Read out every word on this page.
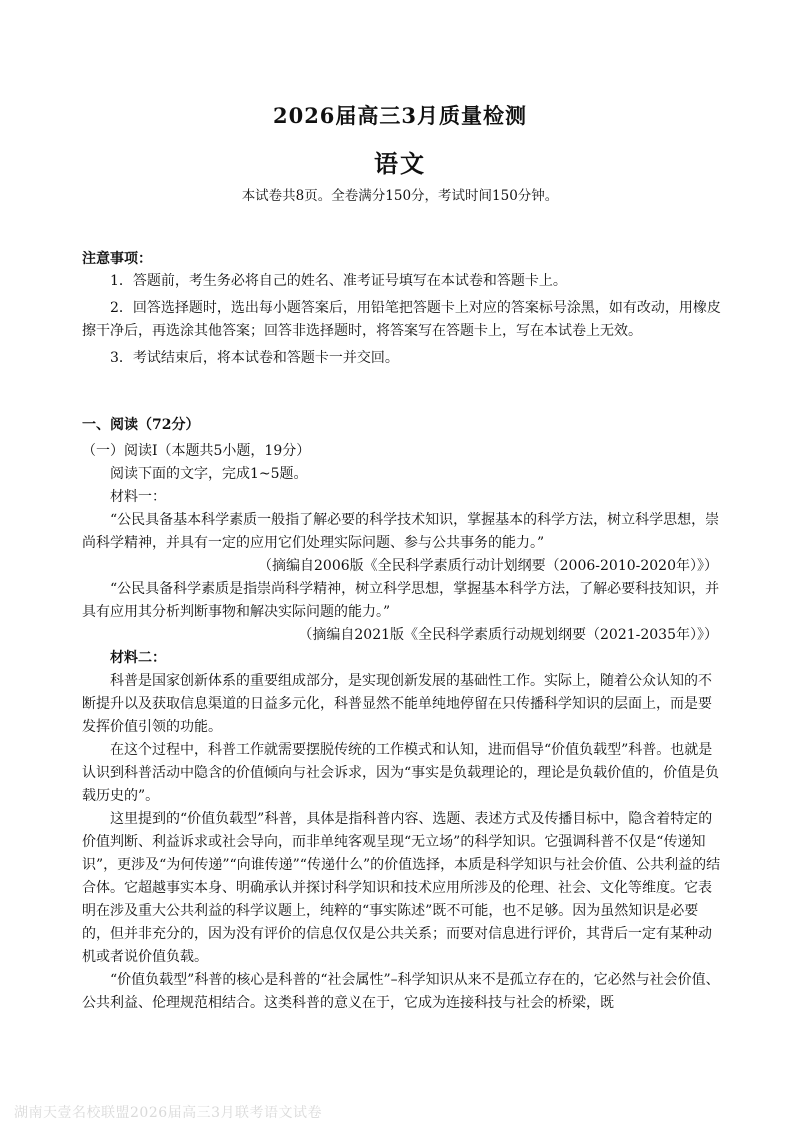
2026届高三3月质量检测
语文
本试卷共8页。全卷满分150分，考试时间150分钟。
注意事项：

1．答题前，考生务必将自己的姓名、准考证号填写在本试卷和答题卡上。

2．回答选择题时，选出每小题答案后，用铅笔把答题卡上对应的答案标号涂黑，如有改动，用橡皮擦干净后，再选涂其他答案；回答非选择题时，将答案写在答题卡上，写在本试卷上无效。

3．考试结束后，将本试卷和答题卡一并交回。

一、阅读（72分）

（一）阅读Ⅰ（本题共5小题，19分）

阅读下面的文字，完成1~5题。

材料一：

“公民具备基本科学素质一般指了解必要的科学技术知识，掌握基本的科学方法，树立科学思想，崇尚科学精神，并具有一定的应用它们处理实际问题、参与公共事务的能力。”

（摘编自2006版《全民科学素质行动计划纲要（2006-2010-2020年）》）

“公民具备科学素质是指崇尚科学精神，树立科学思想，掌握基本科学方法，了解必要科技知识，并具有应用其分析判断事物和解决实际问题的能力。”

（摘编自2021版《全民科学素质行动规划纲要（2021-2035年）》）

材料二：

科普是国家创新体系的重要组成部分，是实现创新发展的基础性工作。实际上，随着公众认知的不断提升以及获取信息渠道的日益多元化，科普显然不能单纯地停留在只传播科学知识的层面上，而是要发挥价值引领的功能。

在这个过程中，科普工作就需要摆脱传统的工作模式和认知，进而倡导“价值负载型”科普。也就是认识到科普活动中隐含的价值倾向与社会诉求，因为“事实是负载理论的，理论是负载价值的，价值是负载历史的”。

这里提到的“价值负载型”科普，具体是指科普内容、选题、表述方式及传播目标中，隐含着特定的价值判断、利益诉求或社会导向，而非单纯客观呈现“无立场”的科学知识。它强调科普不仅是“传递知识”，更涉及“为何传递”“向谁传递”“传递什么”的价值选择，本质是科学知识与社会价值、公共利益的结合体。它超越事实本身、明确承认并探讨科学知识和技术应用所涉及的伦理、社会、文化等维度。它表明在涉及重大公共利益的科学议题上，纯粹的“事实陈述”既不可能，也不足够。因为虽然知识是必要的，但并非充分的，因为没有评价的信息仅仅是公共关系；而要对信息进行评价，其背后一定有某种动机或者说价值负载。

“价值负载型”科普的核心是科普的“社会属性”–科学知识从来不是孤立存在的，它必然与社会价值、公共利益、伦理规范相结合。这类科普的意义在于，它成为连接科技与社会的桥梁，既

湖南天壹名校联盟2026届高三3月联考语文试卷
